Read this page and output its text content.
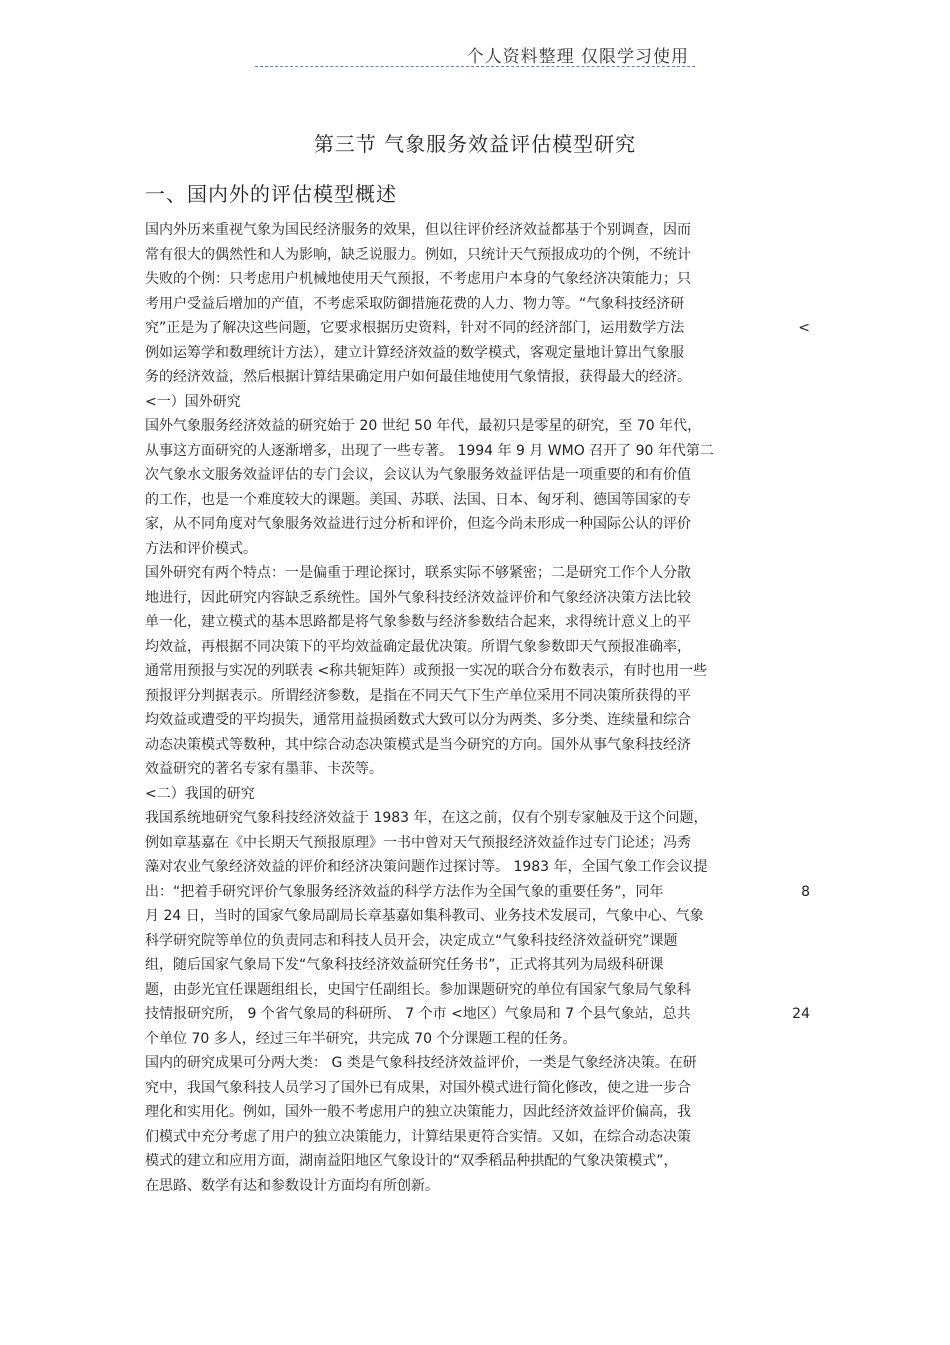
个人资料整理 仅限学习使用
第三节 气象服务效益评估模型研究
一、国内外的评估模型概述
国内外历来重视气象为国民经济服务的效果，但以往评价经济效益都基于个别调查，因而
常有很大的偶然性和人为影响，缺乏说服力。例如，只统计天气预报成功的个例，不统计
失败的个例：只考虑用户机械地使用天气预报，不考虑用户本身的气象经济决策能力；只
考用户受益后增加的产值，不考虑采取防御措施花费的人力、物力等。“气象科技经济研
究”正是为了解决这些问题，它要求根据历史资料，针对不同的经济部门，运用数学方法	<
例如运筹学和数理统计方法），建立计算经济效益的数学模式，客观定量地计算出气象服
务的经济效益，然后根据计算结果确定用户如何最佳地使用气象情报，获得最大的经济。
<一）国外研究
国外气象服务经济效益的研究始于 20 世纪 50 年代，最初只是零星的研究，至 70 年代，
从事这方面研究的人逐渐增多，出现了一些专著。 1994 年 9 月 WMO 召开了 90 年代第二
次气象水文服务效益评估的专门会议，会议认为气象服务效益评估是一项重要的和有价值
的工作，也是一个难度较大的课题。美国、苏联、法国、日本、匈牙利、德国等国家的专
家，从不同角度对气象服务效益进行过分析和评价，但迄今尚未形成一种国际公认的评价
方法和评价模式。
国外研究有两个特点：一是偏重于理论探讨，联系实际不够紧密；二是研究工作个人分散
地进行，因此研究内容缺乏系统性。国外气象科技经济效益评价和气象经济决策方法比较
单一化，建立模式的基本思路都是将气象参数与经济参数结合起来，求得统计意义上的平
均效益，再根据不同决策下的平均效益确定最优决策。所谓气象参数即天气预报准确率，
通常用预报与实况的列联表 <称共轭矩阵）或预报一实况的联合分布数表示，有时也用一些
预报评分判据表示。所谓经济参数，是指在不同天气下生产单位采用不同决策所获得的平
均效益或遭受的平均损失，通常用益损函数式大致可以分为两类、多分类、连续量和综合
动态决策模式等数种，其中综合动态决策模式是当今研究的方向。国外从事气象科技经济
效益研究的著名专家有墨菲、卡茨等。
<二）我国的研究
我国系统地研究气象科技经济效益于 1983 年，在这之前，仅有个别专家触及于这个问题，
例如章基嘉在《中长期天气预报原理》一书中曾对天气预报经济效益作过专门论述；冯秀
藻对农业气象经济效益的评价和经济决策问题作过探讨等。 1983 年，全国气象工作会议提
出：“把着手研究评价气象服务经济效益的科学方法作为全国气象的重要任务”，同年	8
月 24 日，当时的国家气象局副局长章基嘉如集科教司、业务技术发展司，气象中心、气象
科学研究院等单位的负责同志和科技人员开会，决定成立“气象科技经济效益研究”课题
组，随后国家气象局下发“气象科技经济效益研究任务书”，正式将其列为局级科研课
题，由彭光宜任课题组组长，史国宁任副组长。参加课题研究的单位有国家气象局气象科
技情报研究所， 9 个省气象局的科研所、 7 个市 <地区）气象局和 7 个县气象站，总共	24
个单位 70 多人，经过三年半研究，共完成 70 个分课题工程的任务。
国内的研究成果可分两大类： G 类是气象科技经济效益评价，一类是气象经济决策。在研
究中，我国气象科技人员学习了国外已有成果，对国外模式进行简化修改，使之进一步合
理化和实用化。例如，国外一般不考虑用户的独立决策能力，因此经济效益评价偏高，我
们模式中充分考虑了用户的独立决策能力，计算结果更符合实情。又如，在综合动态决策
模式的建立和应用方面，湖南益阳地区气象设计的“双季稻品种拱配的气象决策模式”，
在思路、数学有达和参数设计方面均有所创新。
